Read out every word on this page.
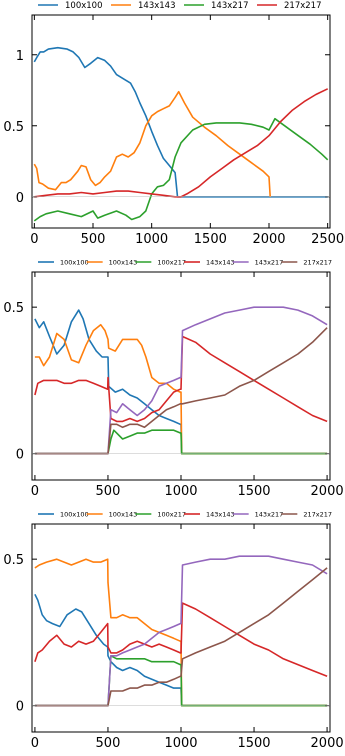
0	500 1000 1500 2000 2500
0
0.5
1
100x100	143x143	143x217	217x217
0	500	1000	1500	2000
0
0.5
100x100	100x143	100x217	143x143	143x217	217x217
0	500	1000	1500	2000
0
0.5
100x100	100x143	100x217	143x143	143x217	217x217
